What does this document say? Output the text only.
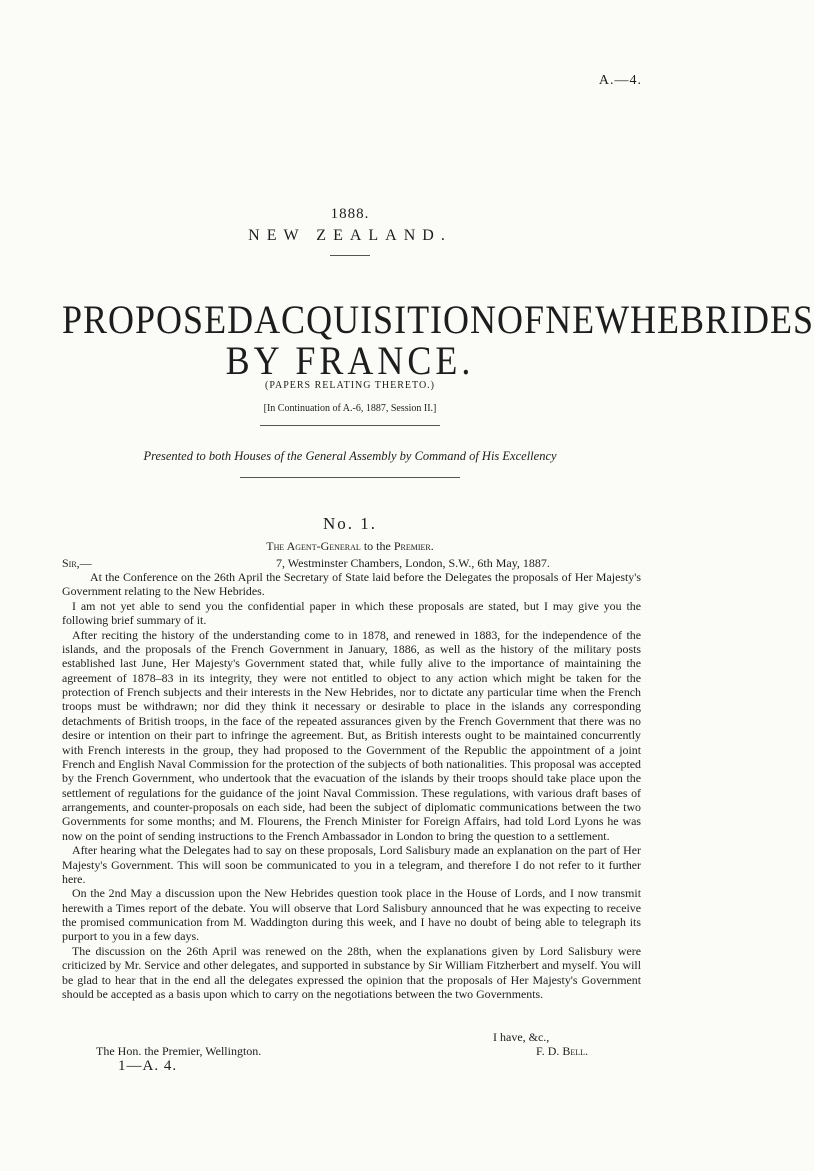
A.—4.
1888.
NEW ZEALAND.
PROPOSED ACQUISITION OF NEW HEBRIDES
BY FRANCE.
(PAPERS RELATING THERETO.)
[In Continuation of A.-6, 1887, Session II.]
Presented to both Houses of the General Assembly by Command of His Excellency
No. 1.
The Agent-General to the Premier.
Sir,—	7, Westminster Chambers, London, S.W., 6th May, 1887.

At the Conference on the 26th April the Secretary of State laid before the Delegates the proposals of Her Majesty's Government relating to the New Hebrides.

I am not yet able to send you the confidential paper in which these proposals are stated, but I may give you the following brief summary of it.

After reciting the history of the understanding come to in 1878, and renewed in 1883, for the independence of the islands, and the proposals of the French Government in January, 1886, as well as the history of the military posts established last June, Her Majesty's Government stated that, while fully alive to the importance of maintaining the agreement of 1878–83 in its integrity, they were not entitled to object to any action which might be taken for the protection of French subjects and their interests in the New Hebrides, nor to dictate any particular time when the French troops must be withdrawn; nor did they think it necessary or desirable to place in the islands any corresponding detachments of British troops, in the face of the repeated assurances given by the French Government that there was no desire or intention on their part to infringe the agreement. But, as British interests ought to be maintained concurrently with French interests in the group, they had proposed to the Government of the Republic the appointment of a joint French and English Naval Commission for the protection of the subjects of both nationalities. This proposal was accepted by the French Government, who undertook that the evacuation of the islands by their troops should take place upon the settlement of regulations for the guidance of the joint Naval Commission. These regulations, with various draft bases of arrangements, and counter-proposals on each side, had been the subject of diplomatic communications between the two Governments for some months; and M. Flourens, the French Minister for Foreign Affairs, had told Lord Lyons he was now on the point of sending instructions to the French Ambassador in London to bring the question to a settlement.

After hearing what the Delegates had to say on these proposals, Lord Salisbury made an explanation on the part of Her Majesty's Government. This will soon be communicated to you in a telegram, and therefore I do not refer to it further here.

On the 2nd May a discussion upon the New Hebrides question took place in the House of Lords, and I now transmit herewith a Times report of the debate. You will observe that Lord Salisbury announced that he was expecting to receive the promised communication from M. Waddington during this week, and I have no doubt of being able to telegraph its purport to you in a few days.

The discussion on the 26th April was renewed on the 28th, when the explanations given by Lord Salisbury were criticized by Mr. Service and other delegates, and supported in substance by Sir William Fitzherbert and myself. You will be glad to hear that in the end all the delegates expressed the opinion that the proposals of Her Majesty's Government should be accepted as a basis upon which to carry on the negotiations between the two Governments.

I have, &c.,
The Hon. the Premier, Wellington.	F. D. Bell.
1—A. 4.
